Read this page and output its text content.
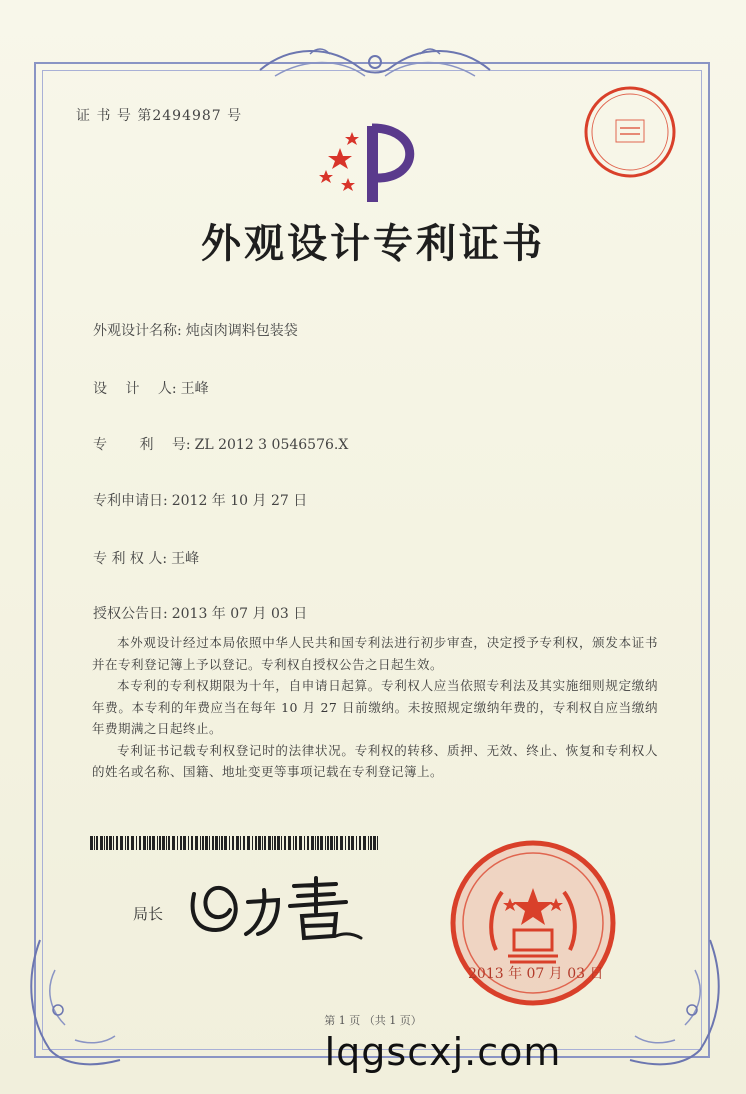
证 书 号 第2494987 号
外观设计专利证书
外观设计名称: 炖卤肉调料包装袋
设　 计　 人: 王峰
专　　 利　 号: ZL 2012 3 0546576.X
专利申请日: 2012 年 10 月 27 日
专 利 权 人: 王峰
授权公告日: 2013 年 07 月 03 日

本外观设计经过本局依照中华人民共和国专利法进行初步审查，决定授予专利权，颁发本证书并在专利登记簿上予以登记。专利权自授权公告之日起生效。

本专利的专利权期限为十年，自申请日起算。专利权人应当依照专利法及其实施细则规定缴纳年费。本专利的年费应当在每年 10 月 27 日前缴纳。未按照规定缴纳年费的，专利权自应当缴纳年费期满之日起终止。

专利证书记载专利权登记时的法律状况。专利权的转移、质押、无效、终止、恢复和专利权人的姓名或名称、国籍、地址变更等事项记载在专利登记簿上。

局长
2013 年 07 月 03 日
第 1 页 （共 1 页）
lqgscxj.com
